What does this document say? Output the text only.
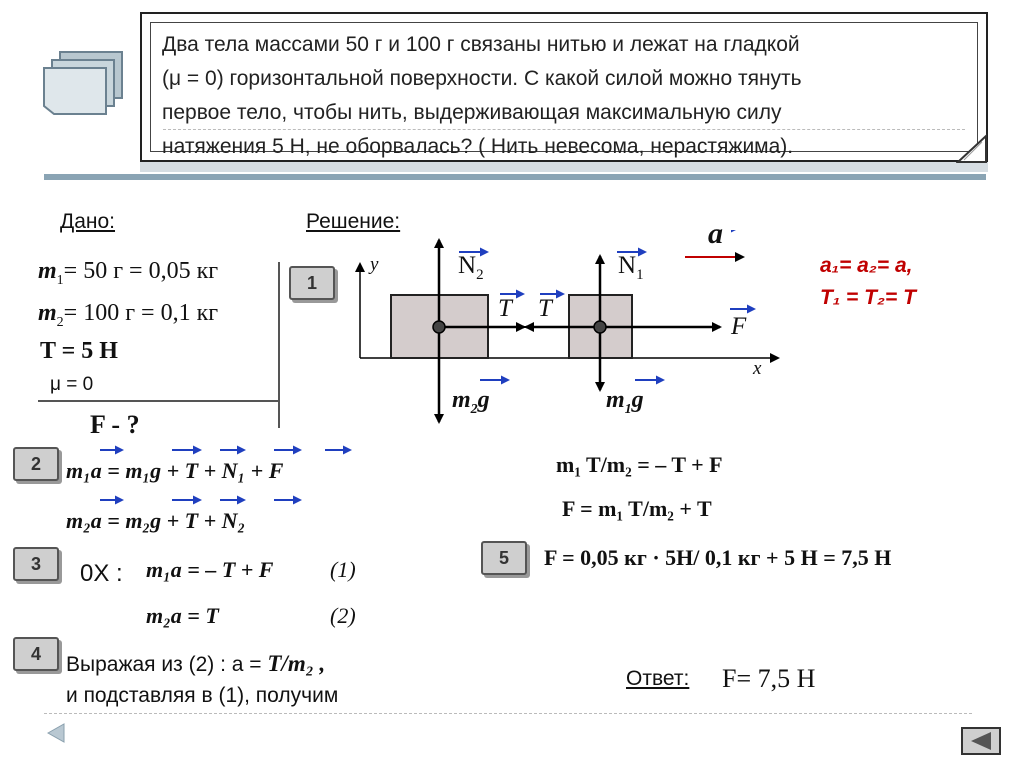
Два тела массами 50 г и 100 г связаны нитью и лежат на гладкой
(μ = 0) горизонтальной поверхности. С какой силой можно тянуть
первое тело, чтобы нить, выдерживающая максимальную силу
натяжения 5 Н, не оборвалась? ( Нить невесома, нерастяжима).
Дано:
$m_1= 50$ г = 0,05 кг
$m_2= 100$ г = 0,1 кг
T = 5 Н
μ = 0
F - ?
Решение:
1
2
3
4
5
y
x
$N_2$	$N_1$
T T
F
$m_2g$	$m_1g$
a
a₁= a₂= a,
T₁ = T₂= T
m₁a = m₁g + T + N₁ + F
m₂a = m₂g + T + N₂
0X : m₁a = – T + F	(1)
m₂a = T	(2)
Выражая из (2) : a = T/m₂ ,
и подставляя в (1), получим
m₁ T/m₂ = – T + F
F = m₁ T/m₂ + T
F = 0,05 кг · 5Н/ 0,1 кг + 5 Н = 7,5 Н
Ответ: F= 7,5 Н
